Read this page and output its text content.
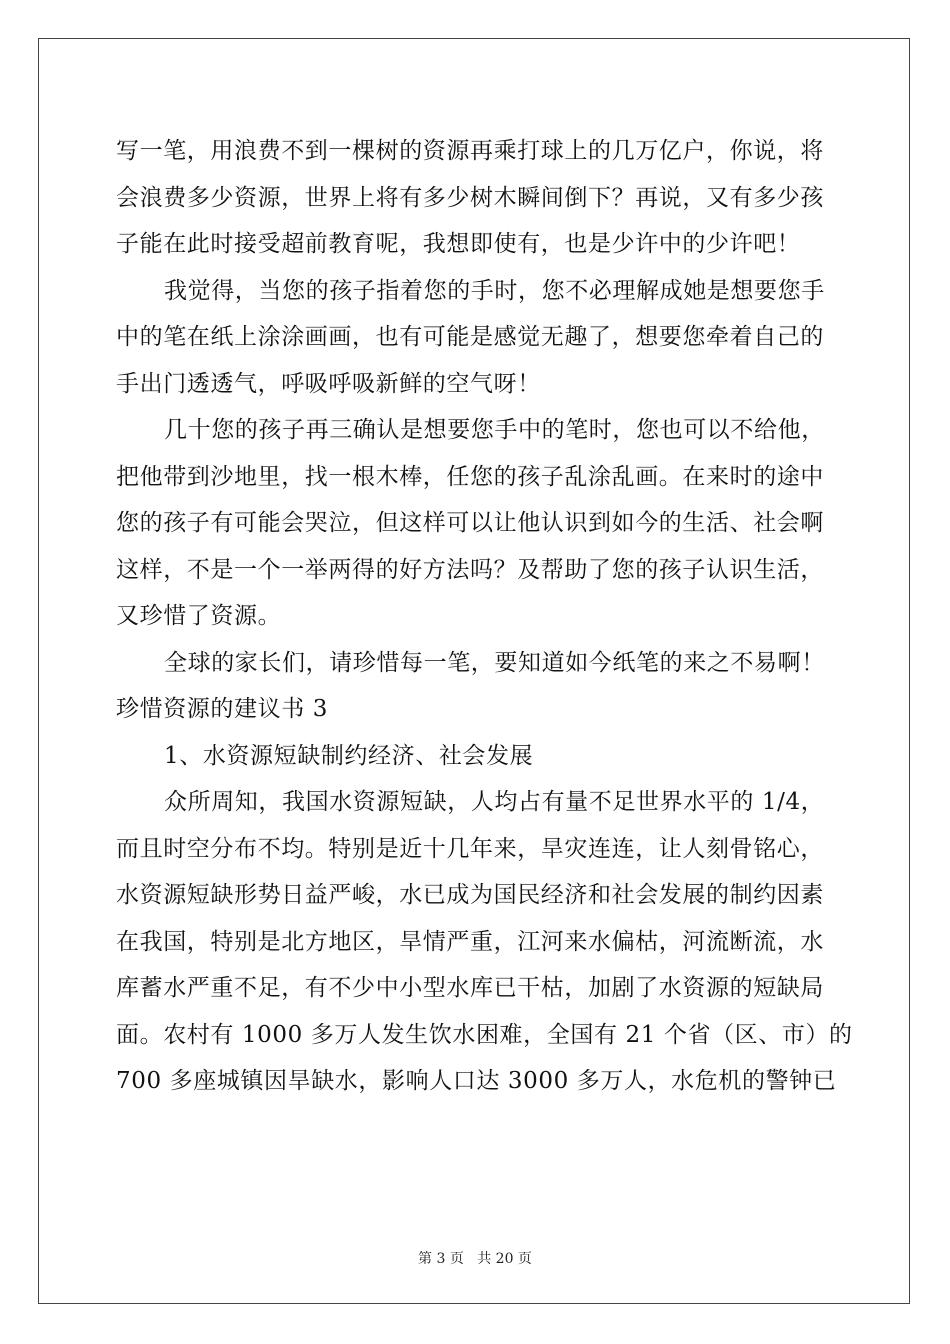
写一笔，用浪费不到一棵树的资源再乘打球上的几万亿户，你说，将
会浪费多少资源，世界上将有多少树木瞬间倒下？再说，又有多少孩
子能在此时接受超前教育呢，我想即使有，也是少许中的少许吧！
我觉得，当您的孩子指着您的手时，您不必理解成她是想要您手
中的笔在纸上涂涂画画，也有可能是感觉无趣了，想要您牵着自己的
手出门透透气，呼吸呼吸新鲜的空气呀！
几十您的孩子再三确认是想要您手中的笔时，您也可以不给他，
把他带到沙地里，找一根木棒，任您的孩子乱涂乱画。在来时的途中
您的孩子有可能会哭泣，但这样可以让他认识到如今的生活、社会啊
这样，不是一个一举两得的好方法吗？及帮助了您的孩子认识生活，
又珍惜了资源。
全球的家长们，请珍惜每一笔，要知道如今纸笔的来之不易啊！
珍惜资源的建议书 3
1、水资源短缺制约经济、社会发展
众所周知，我国水资源短缺，人均占有量不足世界水平的 1/4，
而且时空分布不均。特别是近十几年来，旱灾连连，让人刻骨铭心，
水资源短缺形势日益严峻，水已成为国民经济和社会发展的制约因素
在我国，特别是北方地区，旱情严重，江河来水偏枯，河流断流，水
库蓄水严重不足，有不少中小型水库已干枯，加剧了水资源的短缺局
面。农村有 1000 多万人发生饮水困难，全国有 21 个省（区、市）的
700 多座城镇因旱缺水，影响人口达 3000 多万人，水危机的警钟已
第 3 页 共 20 页
